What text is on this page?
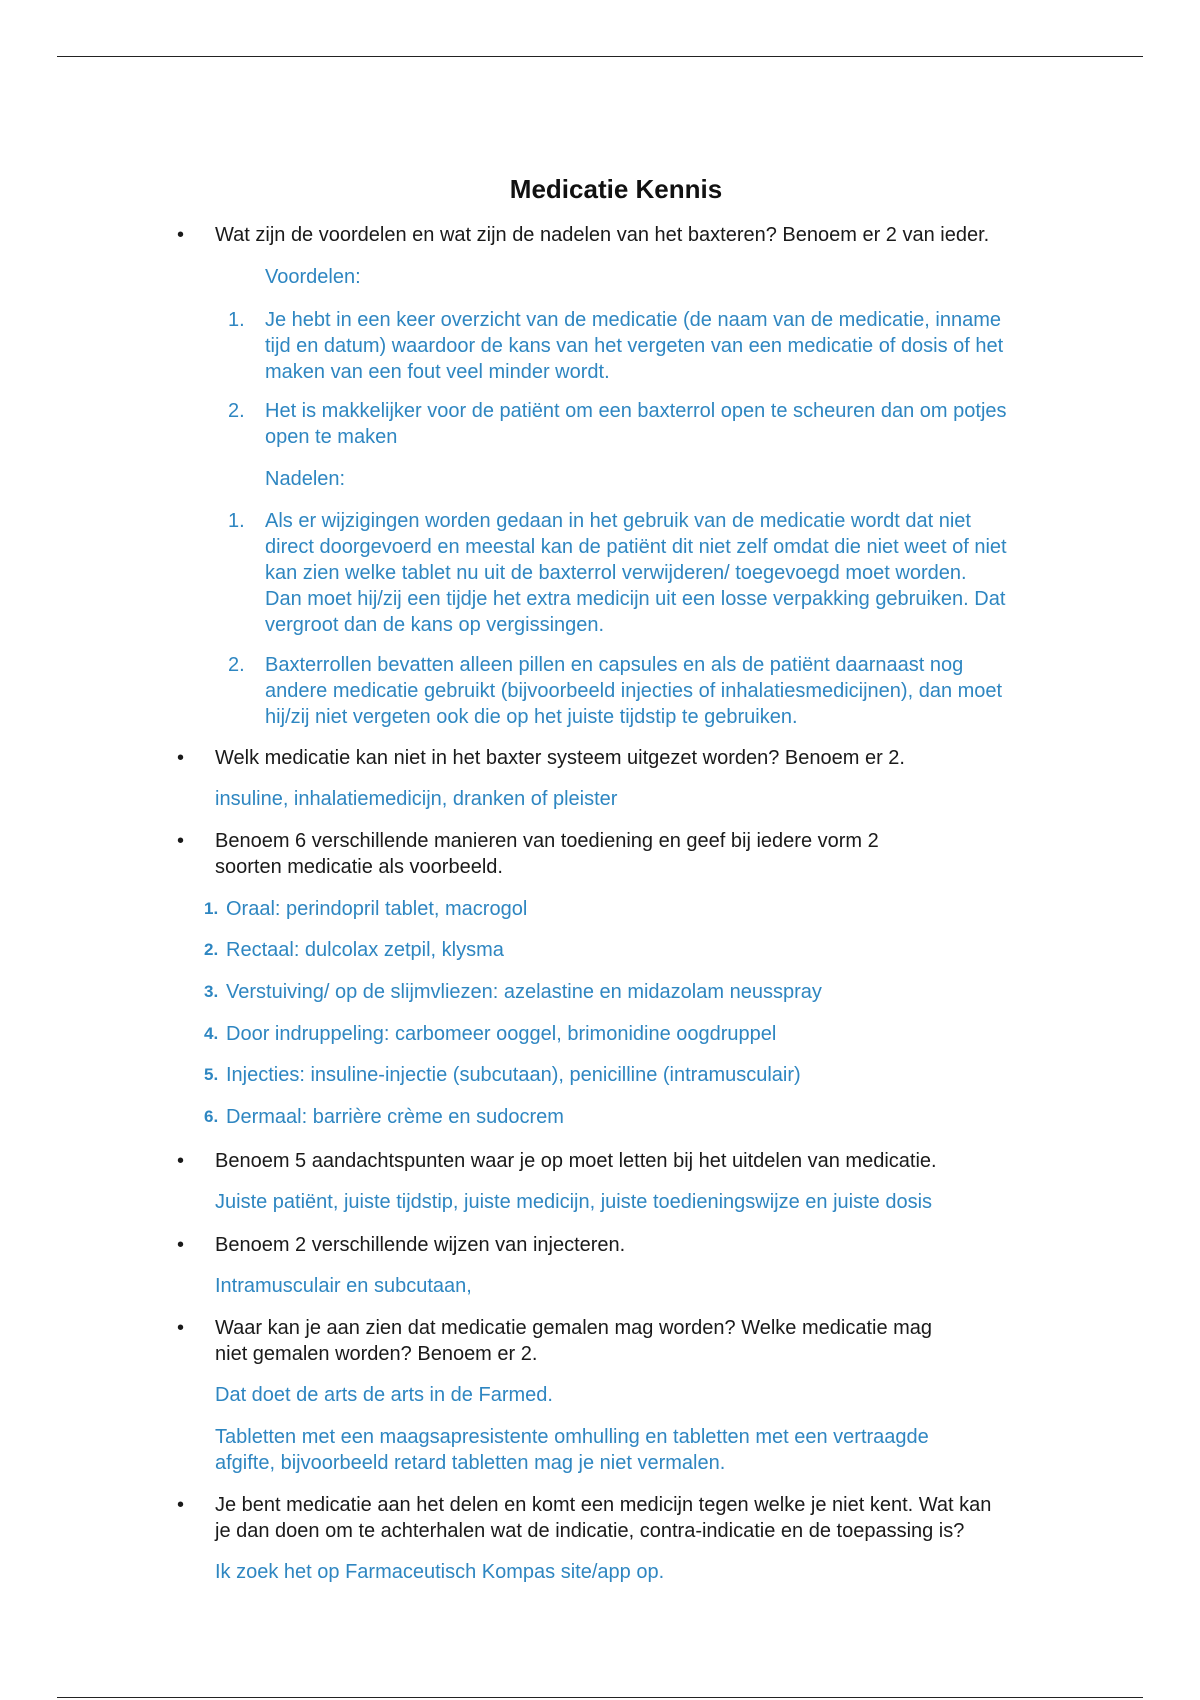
Medicatie Kennis
• Wat zijn de voordelen en wat zijn de nadelen van het baxteren? Benoem er 2 van ieder.
Voordelen:
1. Je hebt in een keer overzicht van de medicatie (de naam van de medicatie, inname
tijd en datum) waardoor de kans van het vergeten van een medicatie of dosis of het
maken van een fout veel minder wordt.
2. Het is makkelijker voor de patiënt om een baxterrol open te scheuren dan om potjes
open te maken
Nadelen:
1. Als er wijzigingen worden gedaan in het gebruik van de medicatie wordt dat niet
direct doorgevoerd en meestal kan de patiënt dit niet zelf omdat die niet weet of niet
kan zien welke tablet nu uit de baxterrol verwijderen/ toegevoegd moet worden.
Dan moet hij/zij een tijdje het extra medicijn uit een losse verpakking gebruiken. Dat
vergroot dan de kans op vergissingen.
2. Baxterrollen bevatten alleen pillen en capsules en als de patiënt daarnaast nog
andere medicatie gebruikt (bijvoorbeeld injecties of inhalatiesmedicijnen), dan moet
hij/zij niet vergeten ook die op het juiste tijdstip te gebruiken.
• Welk medicatie kan niet in het baxter systeem uitgezet worden? Benoem er 2.
insuline, inhalatiemedicijn, dranken of pleister
• Benoem 6 verschillende manieren van toediening en geef bij iedere vorm 2
soorten medicatie als voorbeeld.
1. Oraal: perindopril tablet, macrogol
2. Rectaal: dulcolax zetpil, klysma
3. Verstuiving/ op de slijmvliezen: azelastine en midazolam neusspray
4. Door indruppeling: carbomeer ooggel, brimonidine oogdruppel
5. Injecties: insuline-injectie (subcutaan), penicilline (intramusculair)
6. Dermaal: barrière crème en sudocrem
• Benoem 5 aandachtspunten waar je op moet letten bij het uitdelen van medicatie.
Juiste patiënt, juiste tijdstip, juiste medicijn, juiste toedieningswijze en juiste dosis
• Benoem 2 verschillende wijzen van injecteren.
Intramusculair en subcutaan,
• Waar kan je aan zien dat medicatie gemalen mag worden? Welke medicatie mag
niet gemalen worden? Benoem er 2.
Dat doet de arts de arts in de Farmed.
Tabletten met een maagsapresistente omhulling en tabletten met een vertraagde
afgifte, bijvoorbeeld retard tabletten mag je niet vermalen.
• Je bent medicatie aan het delen en komt een medicijn tegen welke je niet kent. Wat kan
je dan doen om te achterhalen wat de indicatie, contra-indicatie en de toepassing is?
Ik zoek het op Farmaceutisch Kompas site/app op.
